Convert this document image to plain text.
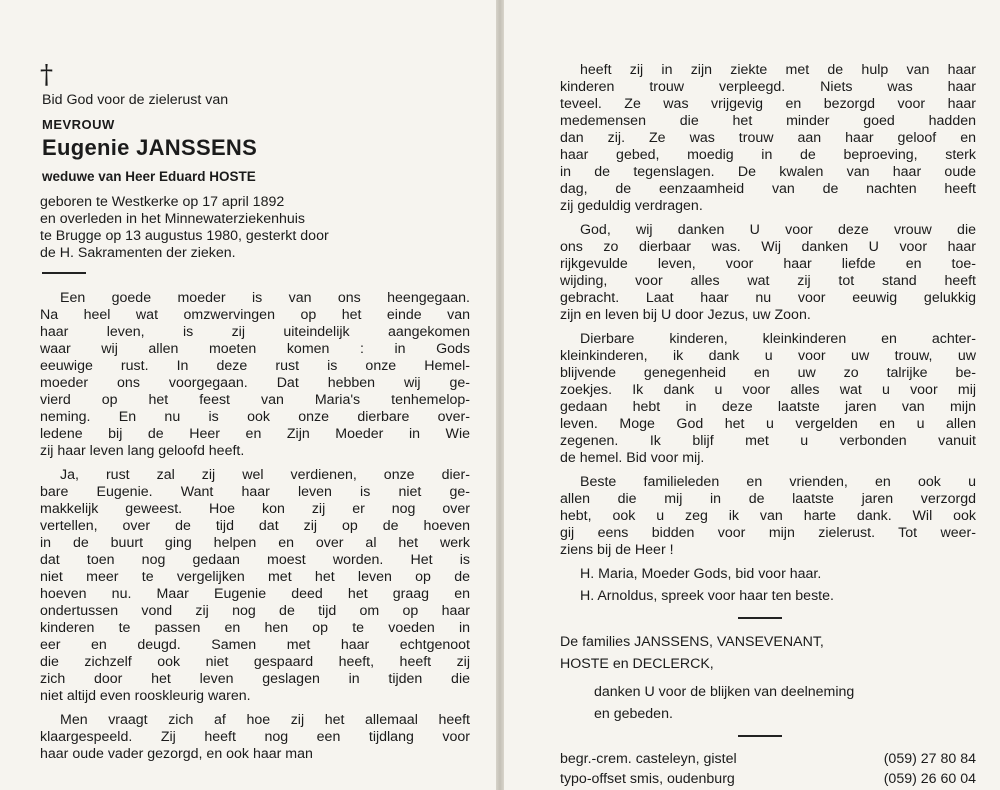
†
Bid God voor de zielerust van
MEVROUW
Eugenie JANSSENS
weduwe van Heer Eduard HOSTE
geboren te Westkerke op 17 april 1892
en overleden in het Minnewaterziekenhuis
te Brugge op 13 augustus 1980, gesterkt door
de H. Sakramenten der zieken.
Een goede moeder is van ons heengegaan.
Na heel wat omzwervingen op het einde van
haar leven, is zij uiteindelijk aangekomen
waar wij allen moeten komen : in Gods
eeuwige rust. In deze rust is onze Hemel-
moeder ons voorgegaan. Dat hebben wij ge-
vierd op het feest van Maria's tenhemelop-
neming. En nu is ook onze dierbare over-
ledene bij de Heer en Zijn Moeder in Wie
zij haar leven lang geloofd heeft.
Ja, rust zal zij wel verdienen, onze dier-
bare Eugenie. Want haar leven is niet ge-
makkelijk geweest. Hoe kon zij er nog over
vertellen, over de tijd dat zij op de hoeven
in de buurt ging helpen en over al het werk
dat toen nog gedaan moest worden. Het is
niet meer te vergelijken met het leven op de
hoeven nu. Maar Eugenie deed het graag en
ondertussen vond zij nog de tijd om op haar
kinderen te passen en hen op te voeden in
eer en deugd. Samen met haar echtgenoot
die zichzelf ook niet gespaard heeft, heeft zij
zich door het leven geslagen in tijden die
niet altijd even rooskleurig waren.
Men vraagt zich af hoe zij het allemaal heeft
klaargespeeld. Zij heeft nog een tijdlang voor
haar oude vader gezorgd, en ook haar man
heeft zij in zijn ziekte met de hulp van haar
kinderen trouw verpleegd. Niets was haar
teveel. Ze was vrijgevig en bezorgd voor haar
medemensen die het minder goed hadden
dan zij. Ze was trouw aan haar geloof en
haar gebed, moedig in de beproeving, sterk
in de tegenslagen. De kwalen van haar oude
dag, de eenzaamheid van de nachten heeft
zij geduldig verdragen.
God, wij danken U voor deze vrouw die
ons zo dierbaar was. Wij danken U voor haar
rijkgevulde leven, voor haar liefde en toe-
wijding, voor alles wat zij tot stand heeft
gebracht. Laat haar nu voor eeuwig gelukkig
zijn en leven bij U door Jezus, uw Zoon.
Dierbare kinderen, kleinkinderen en achter-
kleinkinderen, ik dank u voor uw trouw, uw
blijvende genegenheid en uw zo talrijke be-
zoekjes. Ik dank u voor alles wat u voor mij
gedaan hebt in deze laatste jaren van mijn
leven. Moge God het u vergelden en u allen
zegenen. Ik blijf met u verbonden vanuit
de hemel. Bid voor mij.
Beste familieleden en vrienden, en ook u
allen die mij in de laatste jaren verzorgd
hebt, ook u zeg ik van harte dank. Wil ook
gij eens bidden voor mijn zielerust. Tot weer-
ziens bij de Heer !
H. Maria, Moeder Gods, bid voor haar.
H. Arnoldus, spreek voor haar ten beste.
De families JANSSENS, VANSEVENANT,
HOSTE en DECLERCK,
danken U voor de blijken van deelneming
en gebeden.
begr.-crem. casteleyn, gistel	(059) 27 80 84
typo-offset smis, oudenburg	(059) 26 60 04
